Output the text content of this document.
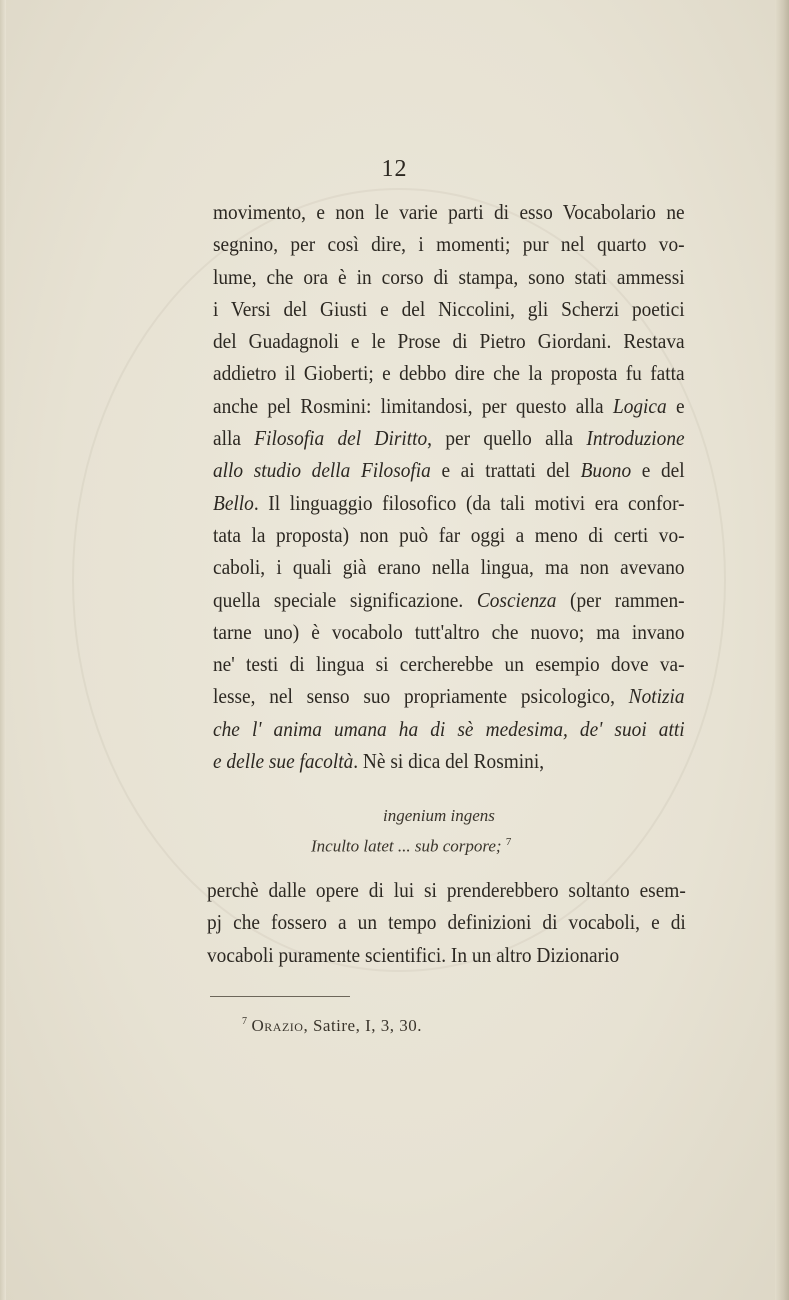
12
movimento, e non le varie parti di esso Vocabolario ne
segnino, per così dire, i momenti; pur nel quarto vo-
lume, che ora è in corso di stampa, sono stati ammessi
i Versi del Giusti e del Niccolini, gli Scherzi poetici
del Guadagnoli e le Prose di Pietro Giordani. Restava
addietro il Gioberti; e debbo dire che la proposta fu fatta
anche pel Rosmini: limitandosi, per questo alla Logica e
alla Filosofia del Diritto, per quello alla Introduzione
allo studio della Filosofia e ai trattati del Buono e del
Bello. Il linguaggio filosofico (da tali motivi era confor-
tata la proposta) non può far oggi a meno di certi vo-
caboli, i quali già erano nella lingua, ma non avevano
quella speciale significazione. Coscienza (per rammen-
tarne uno) è vocabolo tutt'altro che nuovo; ma invano
ne' testi di lingua si cercherebbe un esempio dove va-
lesse, nel senso suo propriamente psicologico, Notizia
che l' anima umana ha di sè medesima, de' suoi atti
e delle sue facoltà. Nè si dica del Rosmini,
ingenium ingens
Inculto latet ... sub corpore; $^7$
perchè dalle opere di lui si prenderebbero soltanto esem-
pj che fossero a un tempo definizioni di vocaboli, e di
vocaboli puramente scientifici. In un altro Dizionario
$^7$ Orazio, Satire, I, 3, 30.
